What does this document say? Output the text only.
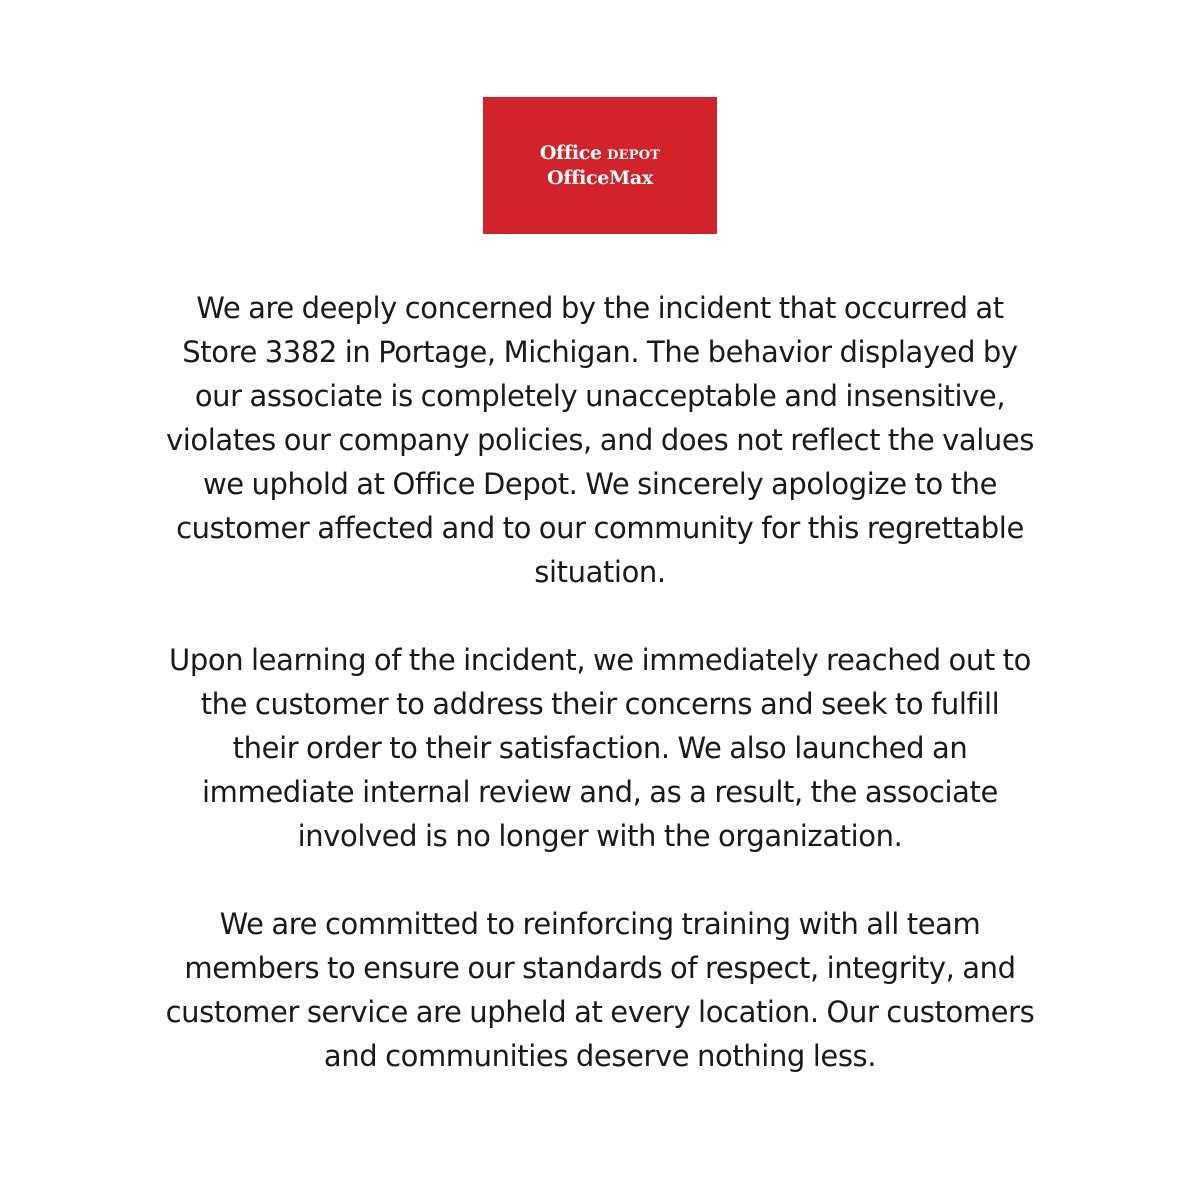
Office DEPOT
OfficeMax

We are deeply concerned by the incident that occurred at
Store 3382 in Portage, Michigan. The behavior displayed by
our associate is completely unacceptable and insensitive,
violates our company policies, and does not reflect the values
we uphold at Office Depot. We sincerely apologize to the
customer affected and to our community for this regrettable
situation.

Upon learning of the incident, we immediately reached out to
the customer to address their concerns and seek to fulfill
their order to their satisfaction. We also launched an
immediate internal review and, as a result, the associate
involved is no longer with the organization.

We are committed to reinforcing training with all team
members to ensure our standards of respect, integrity, and
customer service are upheld at every location. Our customers
and communities deserve nothing less.
